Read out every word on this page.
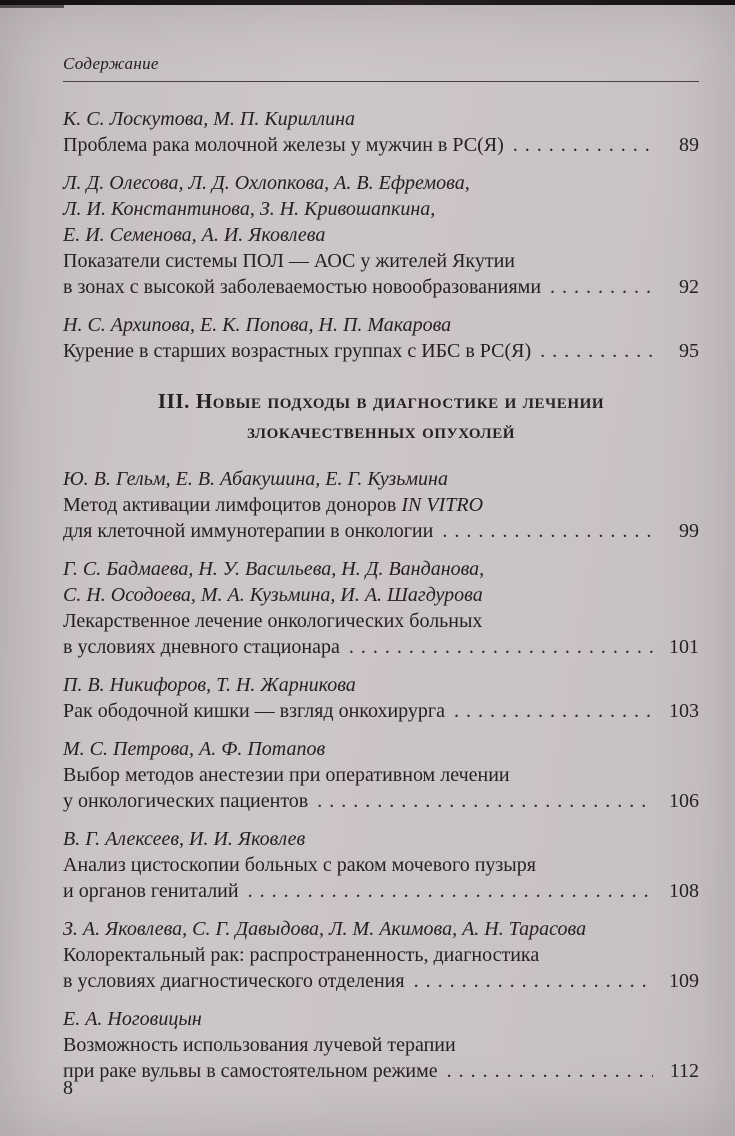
Содержание
К. С. Лоскутова, М. П. Кириллина
Проблема рака молочной железы у мужчин в РС(Я) .....	89
Л. Д. Олесова, Л. Д. Охлопкова, А. В. Ефремова,
Л. И. Константинова, З. Н. Кривошапкина,
Е. И. Семенова, А. И. Яковлева
Показатели системы ПОЛ — АОС у жителей Якутии
в зонах с высокой заболеваемостью новообразованиями .....	92
Н. С. Архипова, Е. К. Попова, Н. П. Макарова
Курение в старших возрастных группах с ИБС в РС(Я) .....	95
III. Новые подходы в диагностике и лечении
злокачественных опухолей
Ю. В. Гельм, Е. В. Абакушина, Е. Г. Кузьмина
Метод активации лимфоцитов доноров IN VITRO
для клеточной иммунотерапии в онкологии .....	99
Г. С. Бадмаева, Н. У. Васильева, Н. Д. Ванданова,
С. Н. Осодоева, М. А. Кузьмина, И. А. Шагдурова
Лекарственное лечение онкологических больных
в условиях дневного стационара .....	101
П. В. Никифоров, Т. Н. Жарникова
Рак ободочной кишки — взгляд онкохирурга .....	103
М. С. Петрова, А. Ф. Потапов
Выбор методов анестезии при оперативном лечении
у онкологических пациентов .....	106
В. Г. Алексеев, И. И. Яковлев
Анализ цистоскопии больных с раком мочевого пузыря
и органов гениталий .....	108
З. А. Яковлева, С. Г. Давыдова, Л. М. Акимова, А. Н. Тарасова
Колоректальный рак: распространенность, диагностика
в условиях диагностического отделения .....	109
Е. А. Ноговицын
Возможность использования лучевой терапии
при раке вульвы в самостоятельном режиме .....	112
8
